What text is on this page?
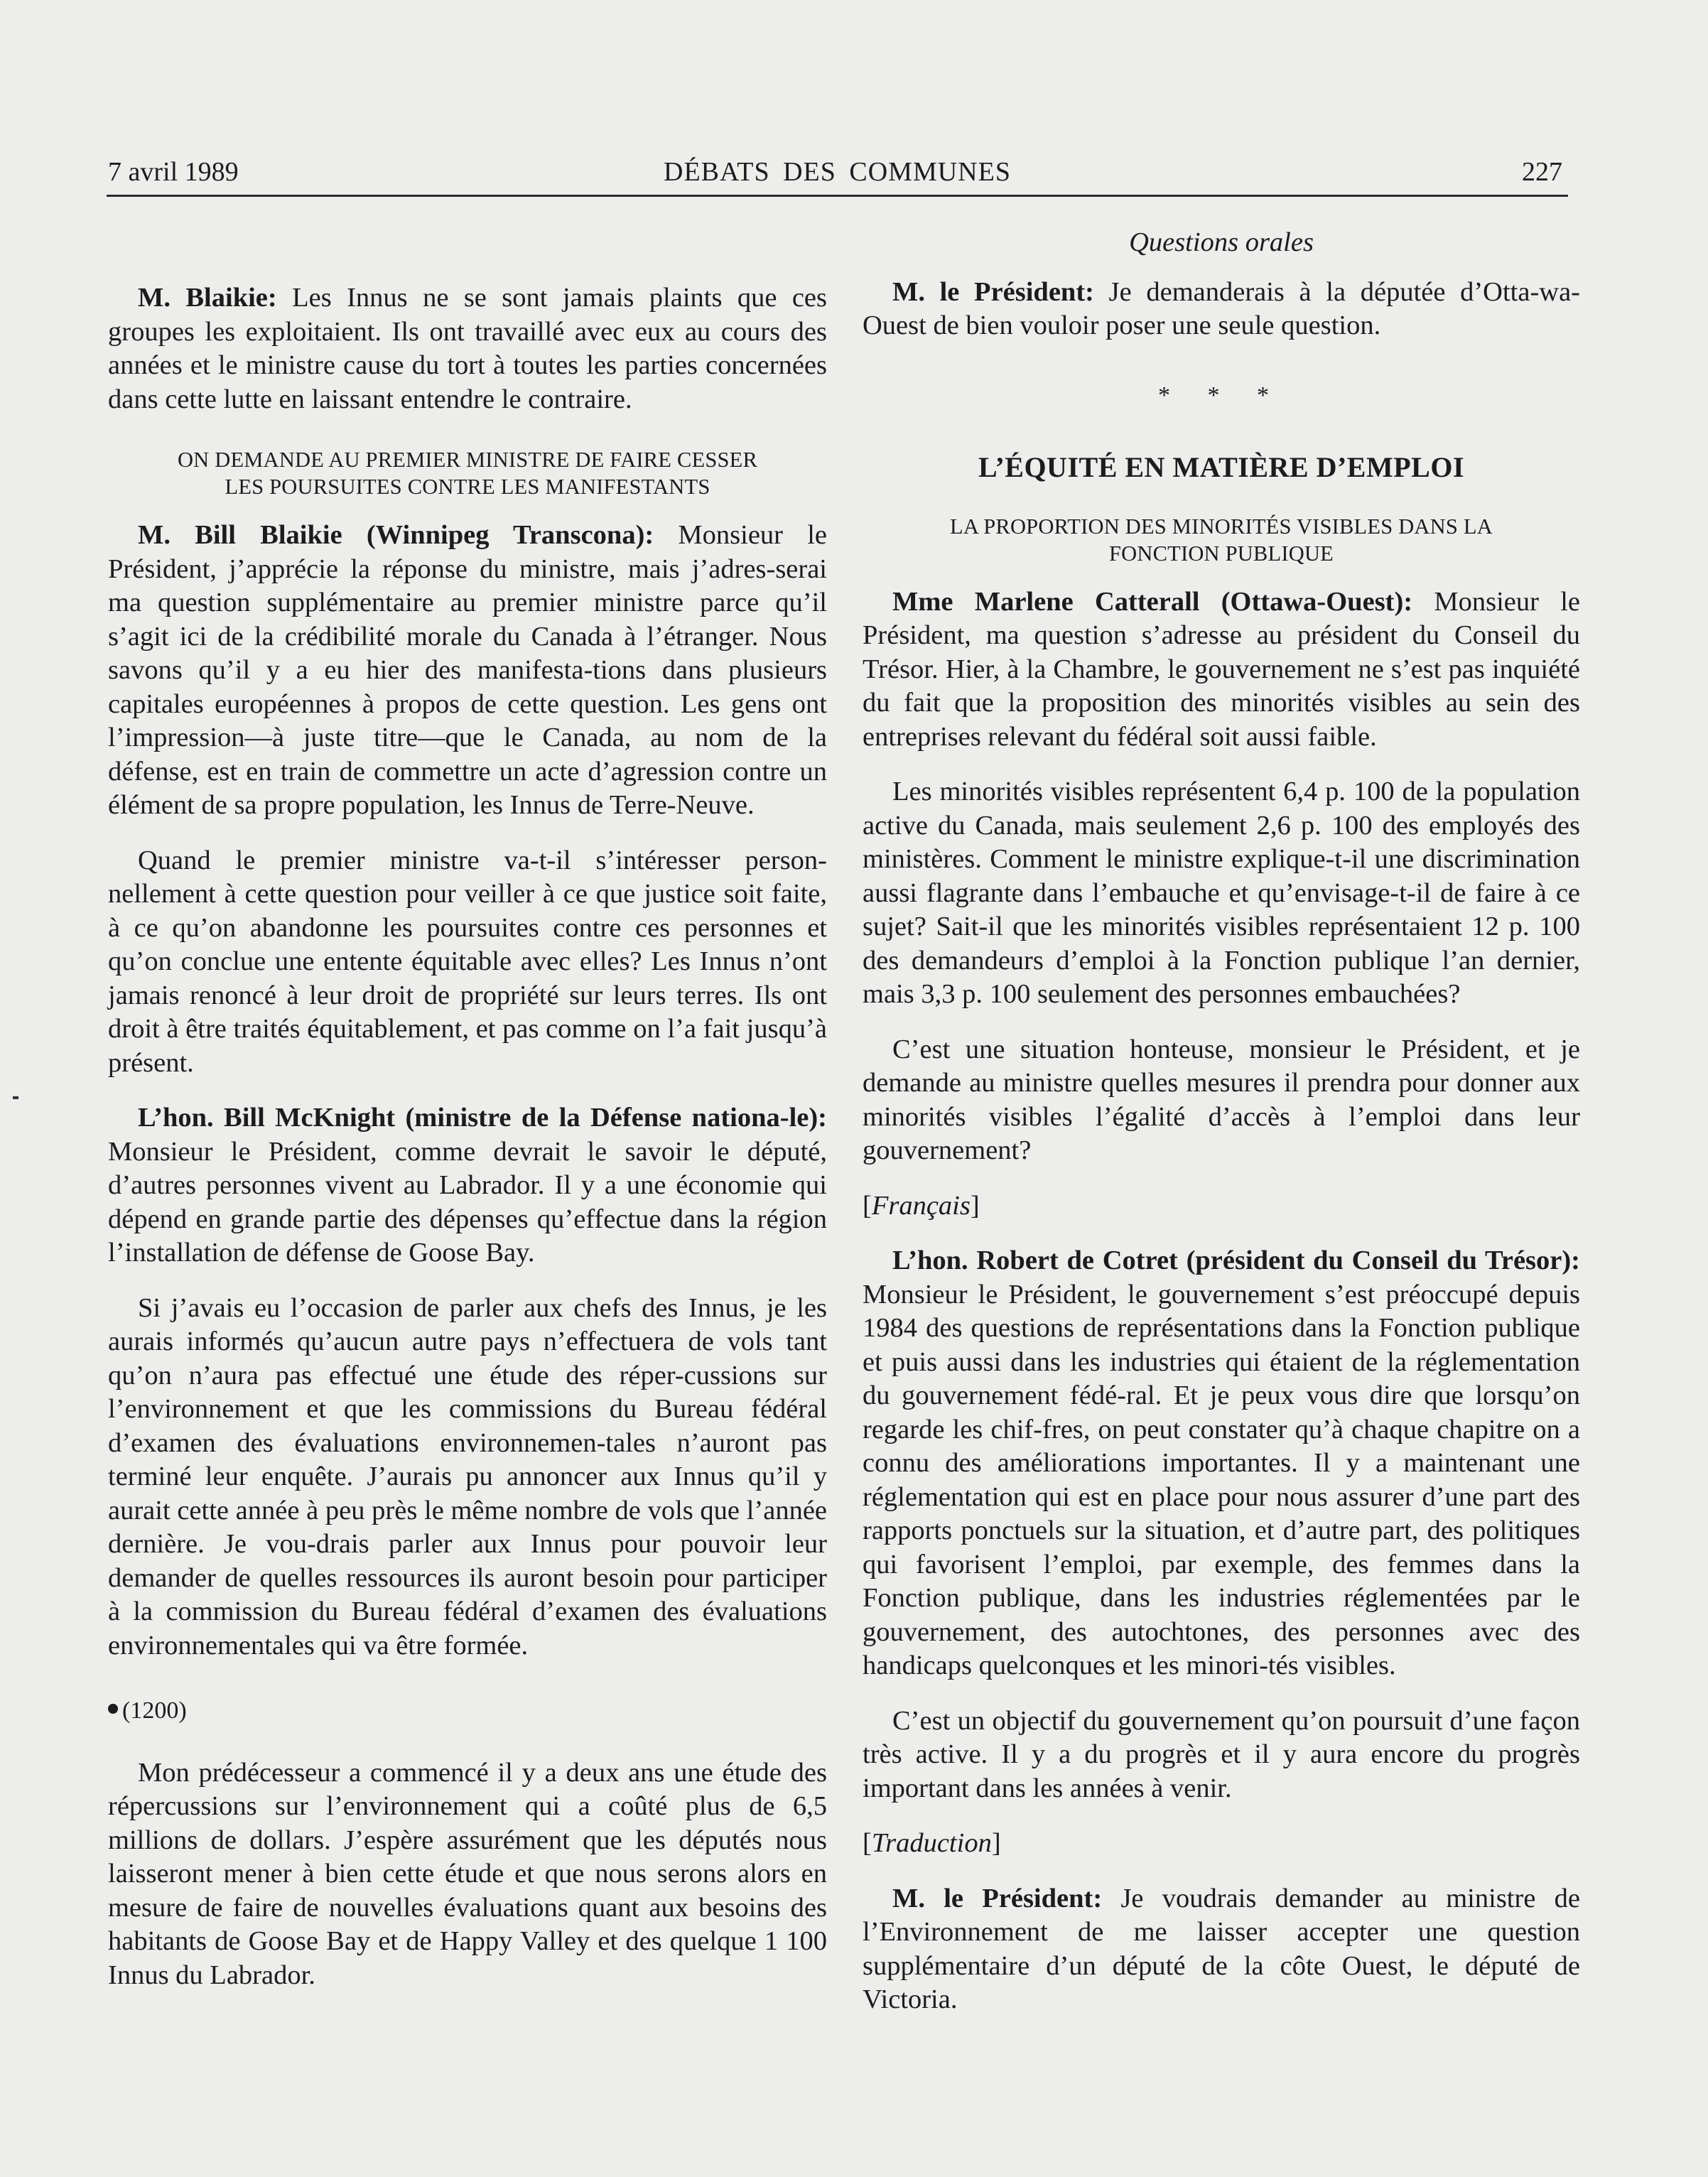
7 avril 1989	DÉBATS DES COMMUNES	227

M. Blaikie: Les Innus ne se sont jamais plaints que ces groupes les exploitaient. Ils ont travaillé avec eux au cours des années et le ministre cause du tort à toutes les parties concernées dans cette lutte en laissant entendre le contraire.

ON DEMANDE AU PREMIER MINISTRE DE FAIRE CESSER
LES POURSUITES CONTRE LES MANIFESTANTS

M. Bill Blaikie (Winnipeg Transcona): Monsieur le Président, j’apprécie la réponse du ministre, mais j’adres-serai ma question supplémentaire au premier ministre parce qu’il s’agit ici de la crédibilité morale du Canada à l’étranger. Nous savons qu’il y a eu hier des manifesta-tions dans plusieurs capitales européennes à propos de cette question. Les gens ont l’impression—à juste titre—que le Canada, au nom de la défense, est en train de commettre un acte d’agression contre un élément de sa propre population, les Innus de Terre-Neuve.

Quand le premier ministre va-t-il s’intéresser person-nellement à cette question pour veiller à ce que justice soit faite, à ce qu’on abandonne les poursuites contre ces personnes et qu’on conclue une entente équitable avec elles? Les Innus n’ont jamais renoncé à leur droit de propriété sur leurs terres. Ils ont droit à être traités équitablement, et pas comme on l’a fait jusqu’à présent.

L’hon. Bill McKnight (ministre de la Défense nationa-le): Monsieur le Président, comme devrait le savoir le député, d’autres personnes vivent au Labrador. Il y a une économie qui dépend en grande partie des dépenses qu’effectue dans la région l’installation de défense de Goose Bay.

Si j’avais eu l’occasion de parler aux chefs des Innus, je les aurais informés qu’aucun autre pays n’effectuera de vols tant qu’on n’aura pas effectué une étude des réper-cussions sur l’environnement et que les commissions du Bureau fédéral d’examen des évaluations environnemen-tales n’auront pas terminé leur enquête. J’aurais pu annoncer aux Innus qu’il y aurait cette année à peu près le même nombre de vols que l’année dernière. Je vou-drais parler aux Innus pour pouvoir leur demander de quelles ressources ils auront besoin pour participer à la commission du Bureau fédéral d’examen des évaluations environnementales qui va être formée.

(1200)

Mon prédécesseur a commencé il y a deux ans une étude des répercussions sur l’environnement qui a coûté plus de 6,5 millions de dollars. J’espère assurément que les députés nous laisseront mener à bien cette étude et que nous serons alors en mesure de faire de nouvelles évaluations quant aux besoins des habitants de Goose Bay et de Happy Valley et des quelque 1 100 Innus du Labrador.

Questions orales

M. le Président: Je demanderais à la députée d’Otta-wa-Ouest de bien vouloir poser une seule question.

* * *

L’ÉQUITÉ EN MATIÈRE D’EMPLOI

LA PROPORTION DES MINORITÉS VISIBLES DANS LA
FONCTION PUBLIQUE

Mme Marlene Catterall (Ottawa-Ouest): Monsieur le Président, ma question s’adresse au président du Conseil du Trésor. Hier, à la Chambre, le gouvernement ne s’est pas inquiété du fait que la proposition des minorités visibles au sein des entreprises relevant du fédéral soit aussi faible.

Les minorités visibles représentent 6,4 p. 100 de la population active du Canada, mais seulement 2,6 p. 100 des employés des ministères. Comment le ministre explique-t-il une discrimination aussi flagrante dans l’embauche et qu’envisage-t-il de faire à ce sujet? Sait-il que les minorités visibles représentaient 12 p. 100 des demandeurs d’emploi à la Fonction publique l’an dernier, mais 3,3 p. 100 seulement des personnes embauchées?

C’est une situation honteuse, monsieur le Président, et je demande au ministre quelles mesures il prendra pour donner aux minorités visibles l’égalité d’accès à l’emploi dans leur gouvernement?

[Français]

L’hon. Robert de Cotret (président du Conseil du Trésor): Monsieur le Président, le gouvernement s’est préoccupé depuis 1984 des questions de représentations dans la Fonction publique et puis aussi dans les industries qui étaient de la réglementation du gouvernement fédé-ral. Et je peux vous dire que lorsqu’on regarde les chif-fres, on peut constater qu’à chaque chapitre on a connu des améliorations importantes. Il y a maintenant une réglementation qui est en place pour nous assurer d’une part des rapports ponctuels sur la situation, et d’autre part, des politiques qui favorisent l’emploi, par exemple, des femmes dans la Fonction publique, dans les industries réglementées par le gouvernement, des autochtones, des personnes avec des handicaps quelconques et les minori-tés visibles.

C’est un objectif du gouvernement qu’on poursuit d’une façon très active. Il y a du progrès et il y aura encore du progrès important dans les années à venir.

[Traduction]

M. le Président: Je voudrais demander au ministre de l’Environnement de me laisser accepter une question supplémentaire d’un député de la côte Ouest, le député de Victoria.
